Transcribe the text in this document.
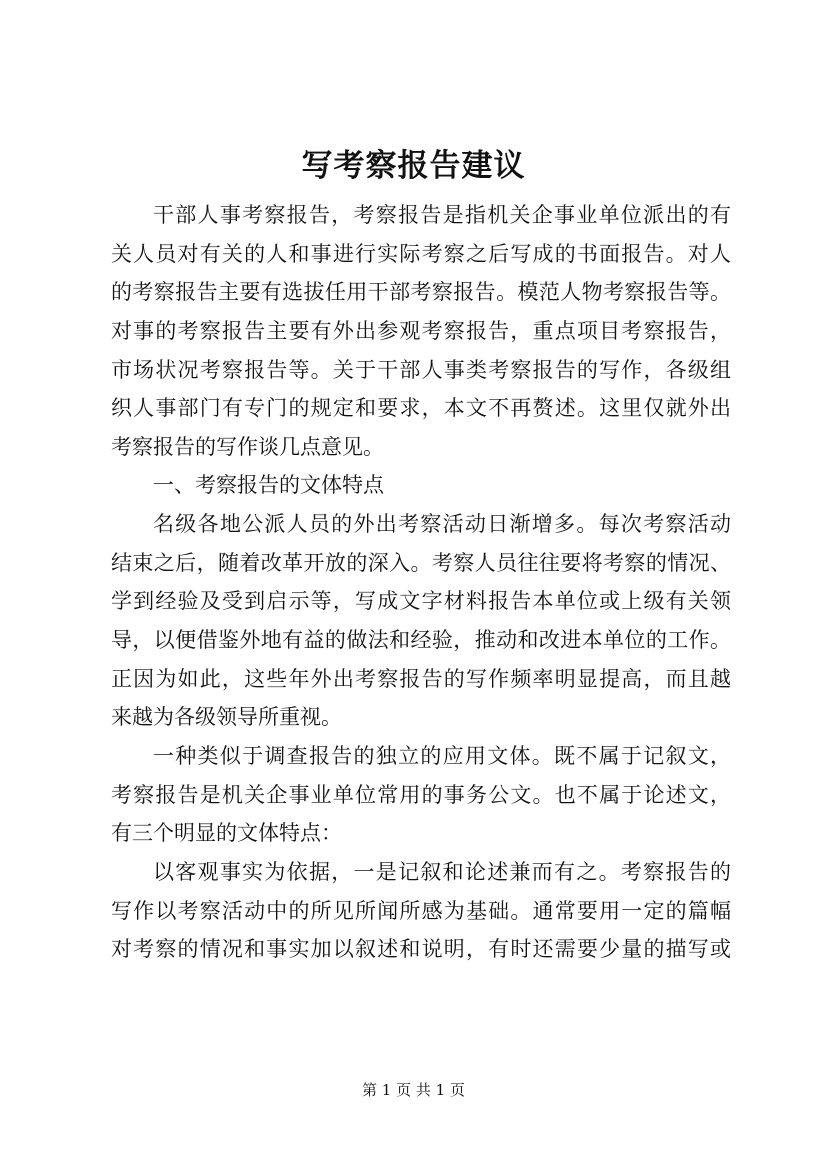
写考察报告建议
干部人事考察报告，考察报告是指机关企事业单位派出的有
关人员对有关的人和事进行实际考察之后写成的书面报告。对人
的考察报告主要有选拔任用干部考察报告。模范人物考察报告等。
对事的考察报告主要有外出参观考察报告，重点项目考察报告，
市场状况考察报告等。关于干部人事类考察报告的写作，各级组
织人事部门有专门的规定和要求，本文不再赘述。这里仅就外出
考察报告的写作谈几点意见。
一、考察报告的文体特点
名级各地公派人员的外出考察活动日渐增多。每次考察活动
结束之后，随着改革开放的深入。考察人员往往要将考察的情况、
学到经验及受到启示等，写成文字材料报告本单位或上级有关领
导，以便借鉴外地有益的做法和经验，推动和改进本单位的工作。
正因为如此，这些年外出考察报告的写作频率明显提高，而且越
来越为各级领导所重视。
一种类似于调查报告的独立的应用文体。既不属于记叙文，
考察报告是机关企事业单位常用的事务公文。也不属于论述文，
有三个明显的文体特点：
以客观事实为依据，一是记叙和论述兼而有之。考察报告的
写作以考察活动中的所见所闻所感为基础。通常要用一定的篇幅
对考察的情况和事实加以叙述和说明，有时还需要少量的描写或
第 1 页 共 1 页
